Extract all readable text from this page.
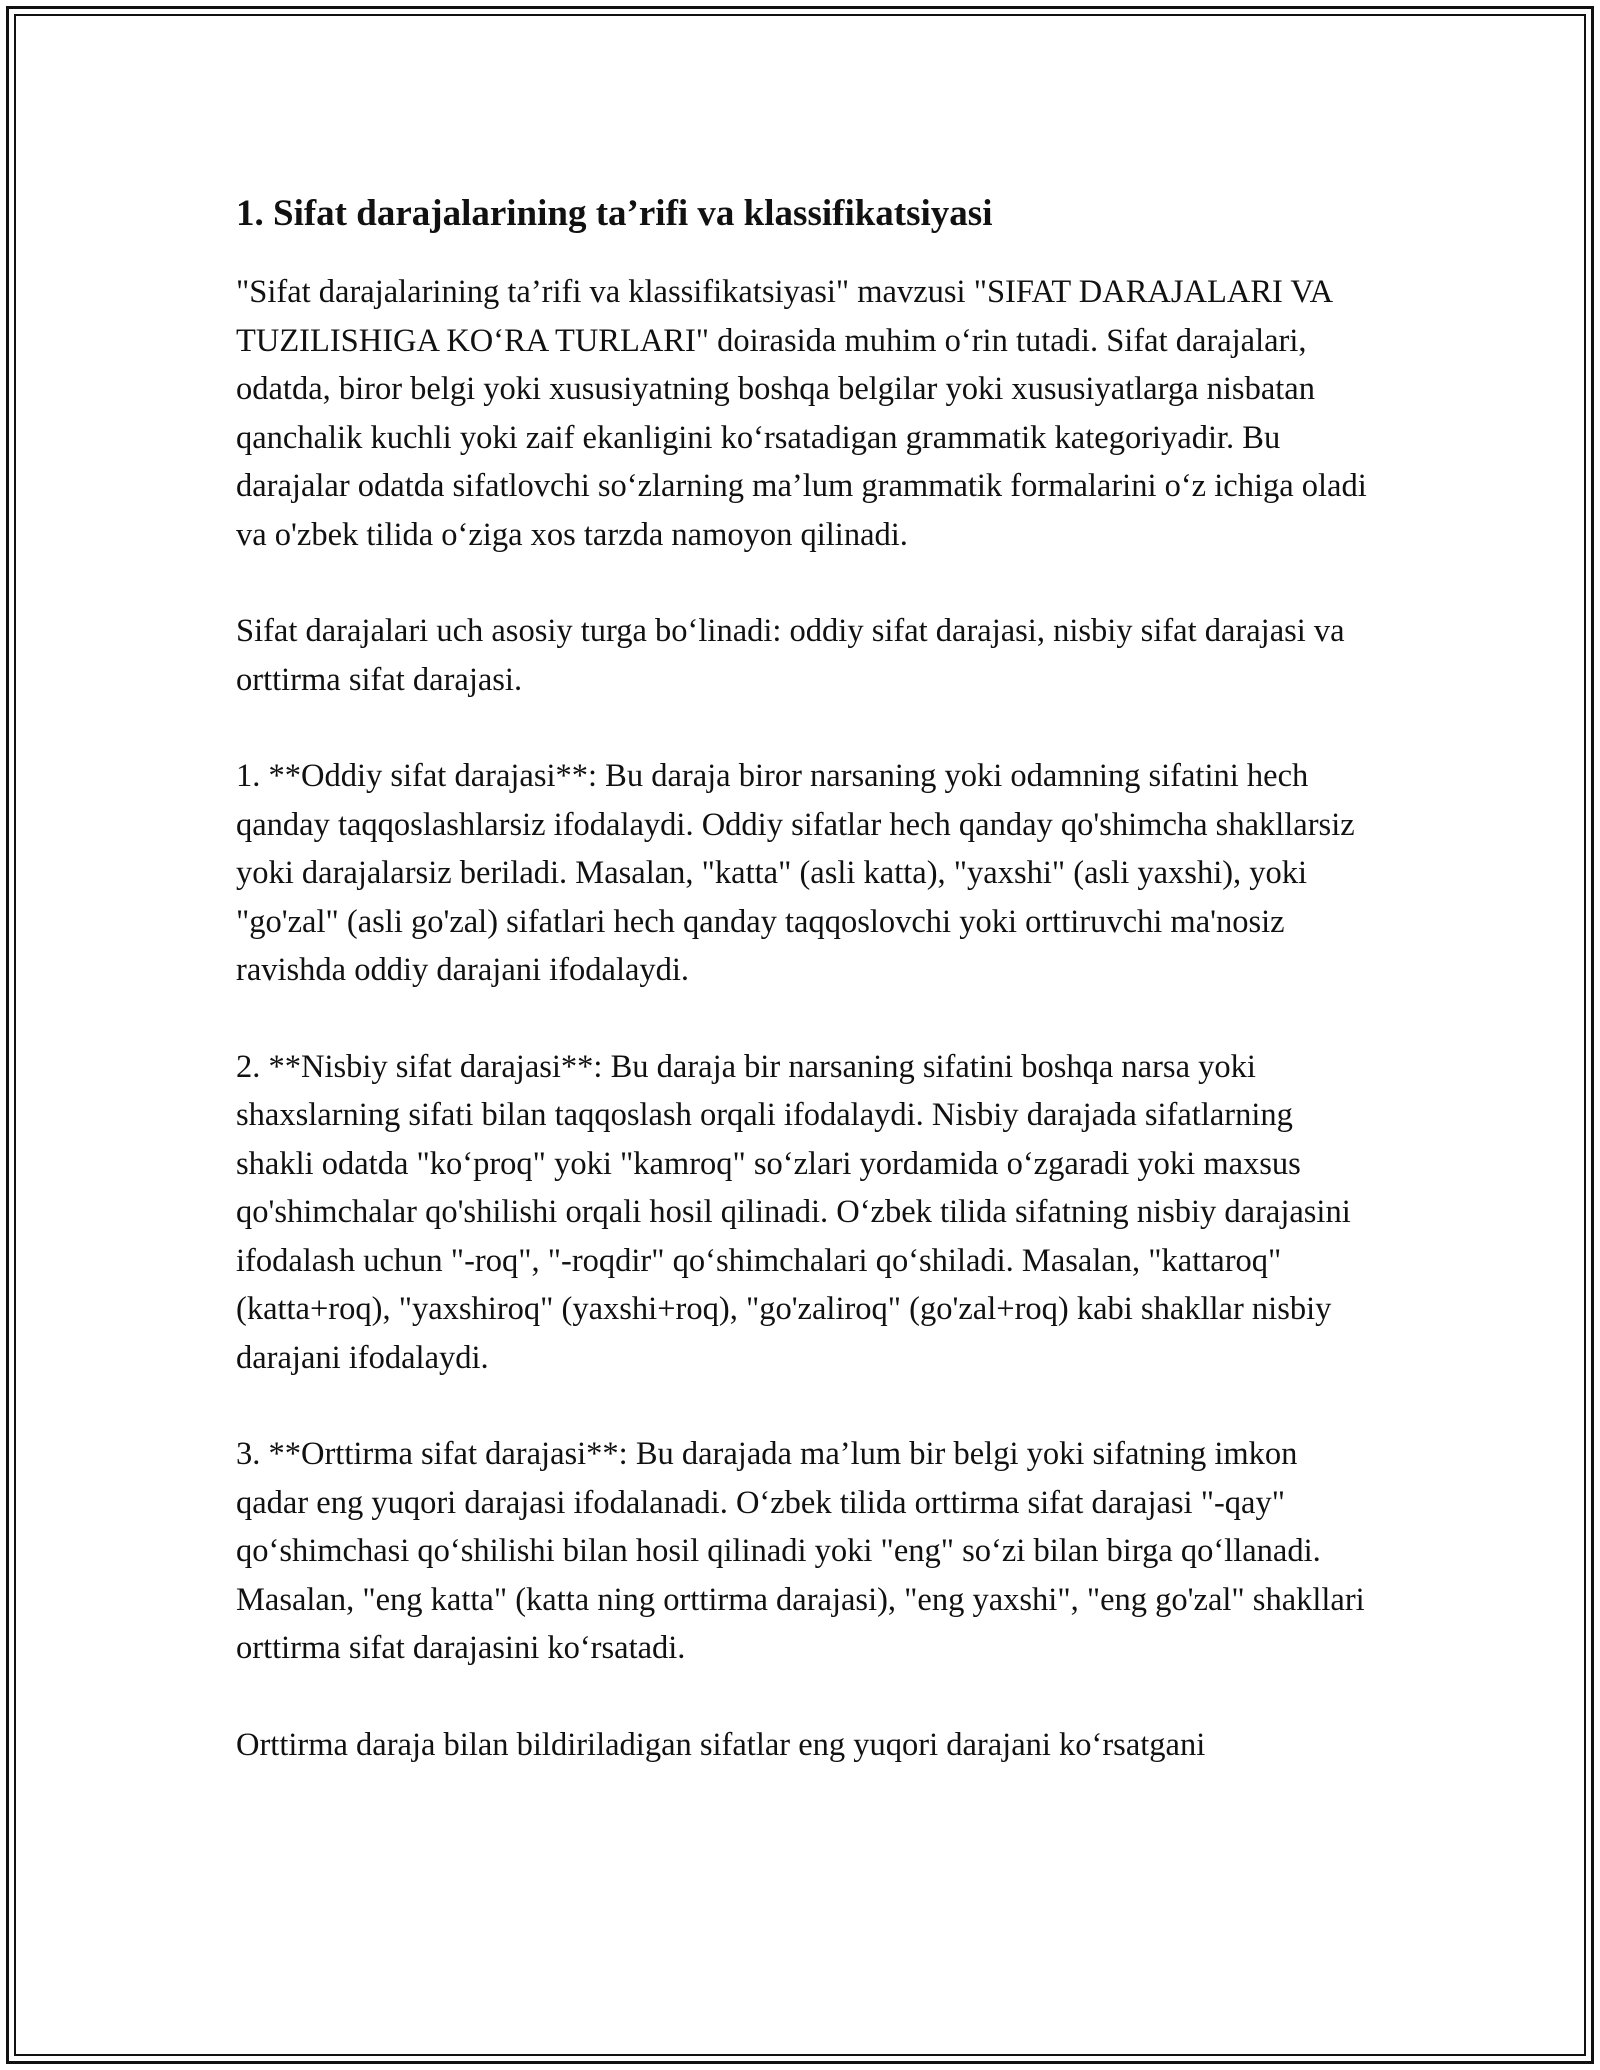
1. Sifat darajalarining ta’rifi va klassifikatsiyasi

"Sifat darajalarining ta’rifi va klassifikatsiyasi" mavzusi "SIFAT DARAJALARI VA TUZILISHIGA KO‘RA TURLARI" doirasida muhim o‘rin tutadi. Sifat darajalari, odatda, biror belgi yoki xususiyatning boshqa belgilar yoki xususiyatlarga nisbatan qanchalik kuchli yoki zaif ekanligini ko‘rsatadigan grammatik kategoriyadir. Bu darajalar odatda sifatlovchi so‘zlarning ma’lum grammatik formalarini o‘z ichiga oladi va o'zbek tilida o‘ziga xos tarzda namoyon qilinadi.

Sifat darajalari uch asosiy turga bo‘linadi: oddiy sifat darajasi, nisbiy sifat darajasi va orttirma sifat darajasi.

1. **Oddiy sifat darajasi**: Bu daraja biror narsaning yoki odamning sifatini hech qanday taqqoslashlarsiz ifodalaydi. Oddiy sifatlar hech qanday qo'shimcha shakllarsiz yoki darajalarsiz beriladi. Masalan, "katta" (asli katta), "yaxshi" (asli yaxshi), yoki "go'zal" (asli go'zal) sifatlari hech qanday taqqoslovchi yoki orttiruvchi ma'nosiz ravishda oddiy darajani ifodalaydi.

2. **Nisbiy sifat darajasi**: Bu daraja bir narsaning sifatini boshqa narsa yoki shaxslarning sifati bilan taqqoslash orqali ifodalaydi. Nisbiy darajada sifatlarning shakli odatda "ko‘proq" yoki "kamroq" so‘zlari yordamida o‘zgaradi yoki maxsus qo'shimchalar qo'shilishi orqali hosil qilinadi. O‘zbek tilida sifatning nisbiy darajasini ifodalash uchun "-roq", "-roqdir" qo‘shimchalari qo‘shiladi. Masalan, "kattaroq" (katta+roq), "yaxshiroq" (yaxshi+roq), "go'zaliroq" (go'zal+roq) kabi shakllar nisbiy darajani ifodalaydi.

3. **Orttirma sifat darajasi**: Bu darajada ma’lum bir belgi yoki sifatning imkon qadar eng yuqori darajasi ifodalanadi. O‘zbek tilida orttirma sifat darajasi "-qay" qo‘shimchasi qo‘shilishi bilan hosil qilinadi yoki "eng" so‘zi bilan birga qo‘llanadi. Masalan, "eng katta" (katta ning orttirma darajasi), "eng yaxshi", "eng go'zal" shakllari orttirma sifat darajasini ko‘rsatadi.

Orttirma daraja bilan bildiriladigan sifatlar eng yuqori darajani ko‘rsatgani
